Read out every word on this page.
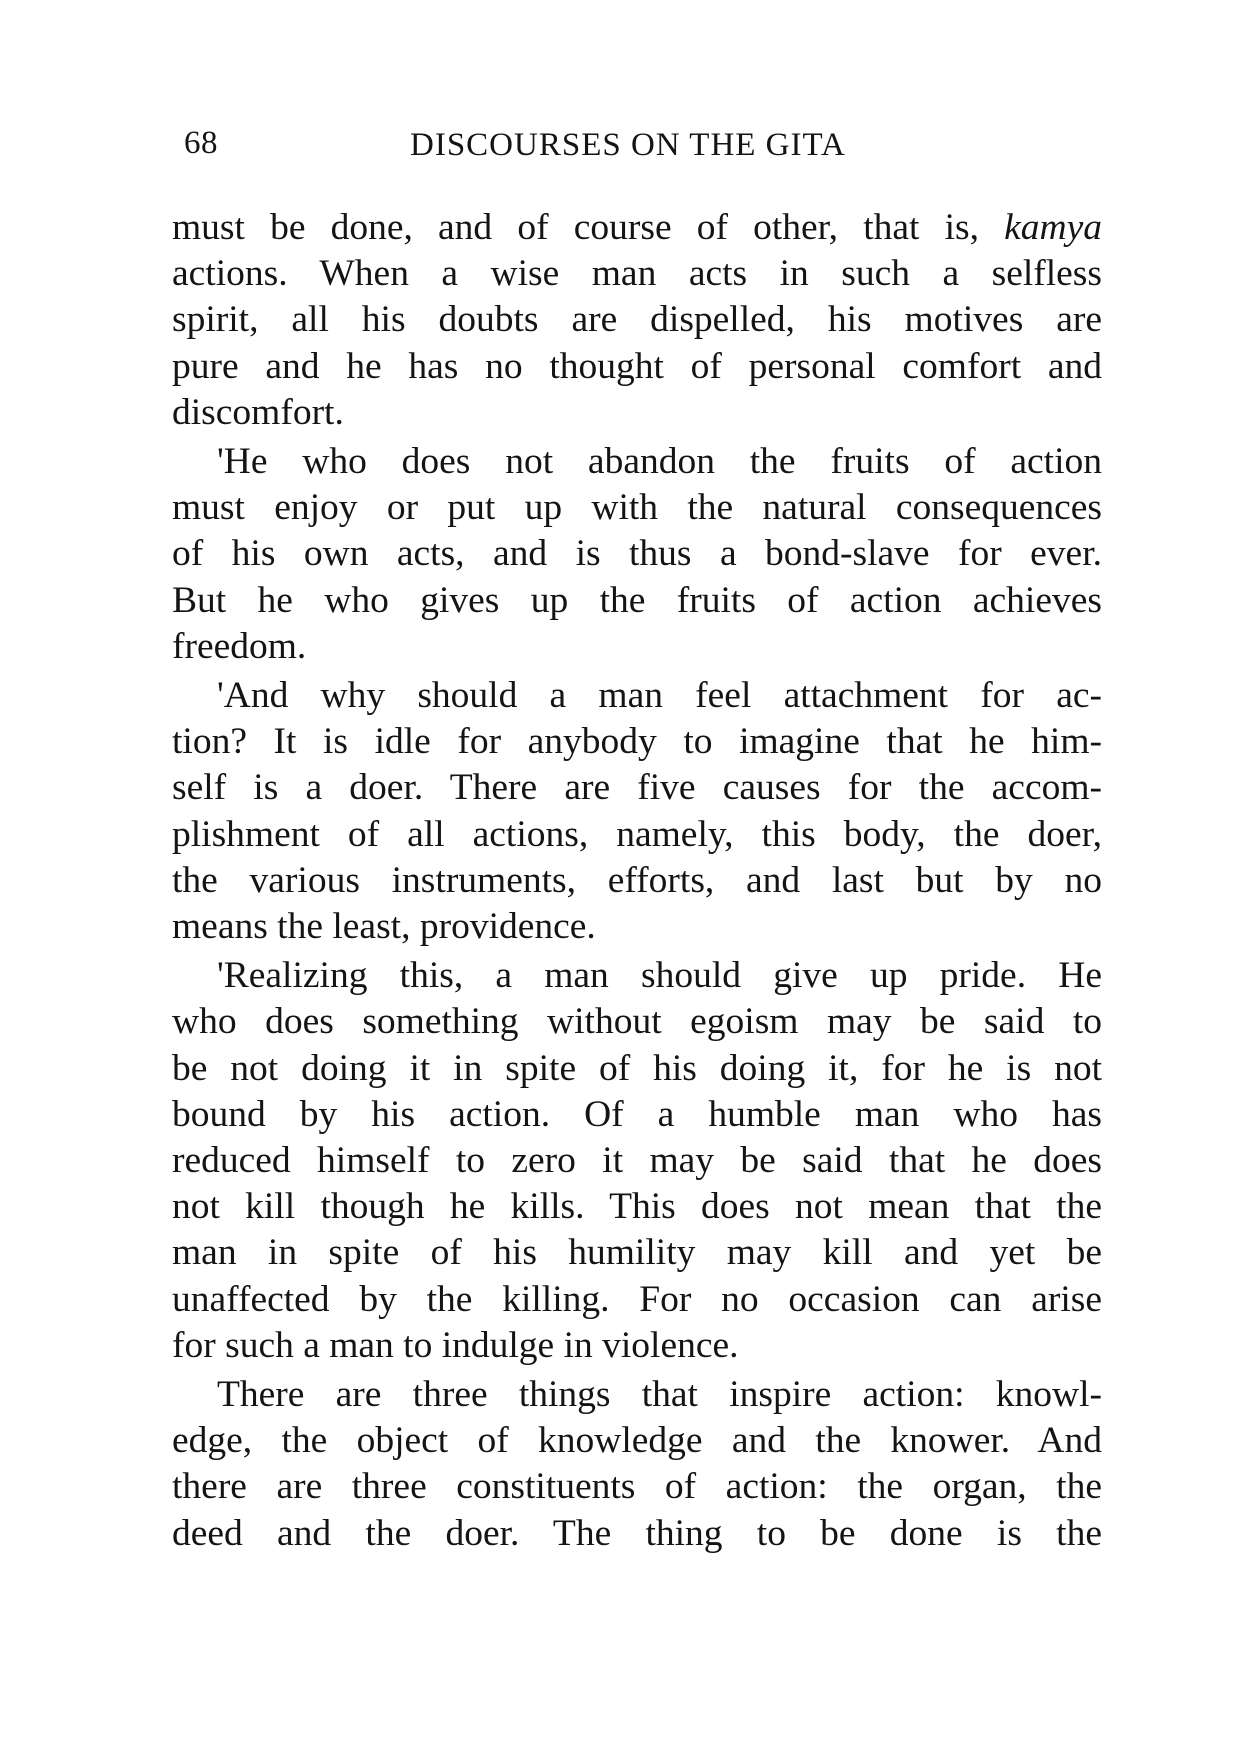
68	DISCOURSES ON THE GITA

must be done, and of course of other, that is, kamya
actions. When a wise man acts in such a selfless
spirit, all his doubts are dispelled, his motives are
pure and he has no thought of personal comfort and
discomfort.

'He who does not abandon the fruits of action
must enjoy or put up with the natural consequences
of his own acts, and is thus a bond-slave for ever.
But he who gives up the fruits of action achieves
freedom.

'And why should a man feel attachment for ac-
tion? It is idle for anybody to imagine that he him-
self is a doer. There are five causes for the accom-
plishment of all actions, namely, this body, the doer,
the various instruments, efforts, and last but by no
means the least, providence.

'Realizing this, a man should give up pride. He
who does something without egoism may be said to
be not doing it in spite of his doing it, for he is not
bound by his action. Of a humble man who has
reduced himself to zero it may be said that he does
not kill though he kills. This does not mean that the
man in spite of his humility may kill and yet be
unaffected by the killing. For no occasion can arise
for such a man to indulge in violence.

There are three things that inspire action: knowl-
edge, the object of knowledge and the knower. And
there are three constituents of action: the organ, the
deed and the doer. The thing to be done is the
